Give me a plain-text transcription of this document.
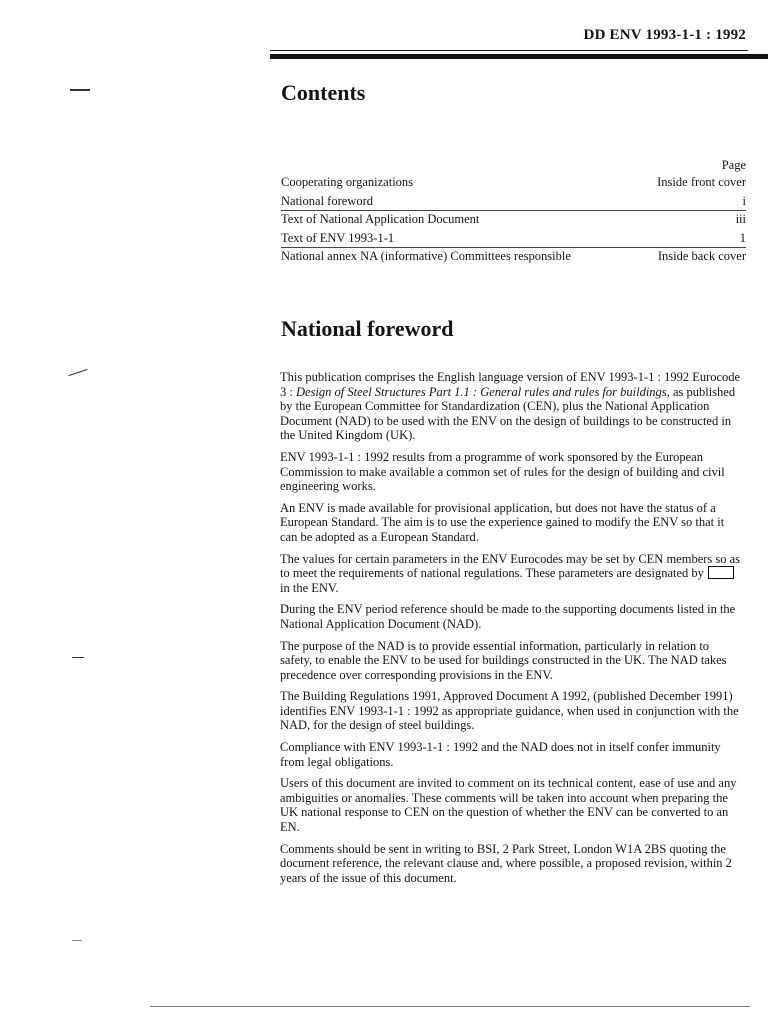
DD ENV 1993-1-1 : 1992
Contents
Page
Cooperating organizations	Inside front cover
National foreword	i
Text of National Application Document	iii
Text of ENV 1993-1-1	1
National annex NA (informative) Committees responsible	Inside back cover
National foreword

This publication comprises the English language version of ENV 1993-1-1 : 1992 Eurocode 3 : Design of Steel Structures Part 1.1 : General rules and rules for buildings, as published by the European Committee for Standardization (CEN), plus the National Application Document (NAD) to be used with the ENV on the design of buildings to be constructed in the United Kingdom (UK).

ENV 1993-1-1 : 1992 results from a programme of work sponsored by the European Commission to make available a common set of rules for the design of building and civil engineering works.

An ENV is made available for provisional application, but does not have the status of a European Standard. The aim is to use the experience gained to modify the ENV so that it can be adopted as a European Standard.

The values for certain parameters in the ENV Eurocodes may be set by CEN members so as to meet the requirements of national regulations. These parameters are designated byin the ENV.

During the ENV period reference should be made to the supporting documents listed in the National Application Document (NAD).

The purpose of the NAD is to provide essential information, particularly in relation to safety, to enable the ENV to be used for buildings constructed in the UK. The NAD takes precedence over corresponding provisions in the ENV.

The Building Regulations 1991, Approved Document A 1992, (published December 1991) identifies ENV 1993-1-1 : 1992 as appropriate guidance, when used in conjunction with the NAD, for the design of steel buildings.

Compliance with ENV 1993-1-1 : 1992 and the NAD does not in itself confer immunity from legal obligations.

Users of this document are invited to comment on its technical content, ease of use and any ambiguities or anomalies. These comments will be taken into account when preparing the UK national response to CEN on the question of whether the ENV can be converted to an EN.

Comments should be sent in writing to BSI, 2 Park Street, London W1A 2BS quoting the document reference, the relevant clause and, where possible, a proposed revision, within 2 years of the issue of this document.
